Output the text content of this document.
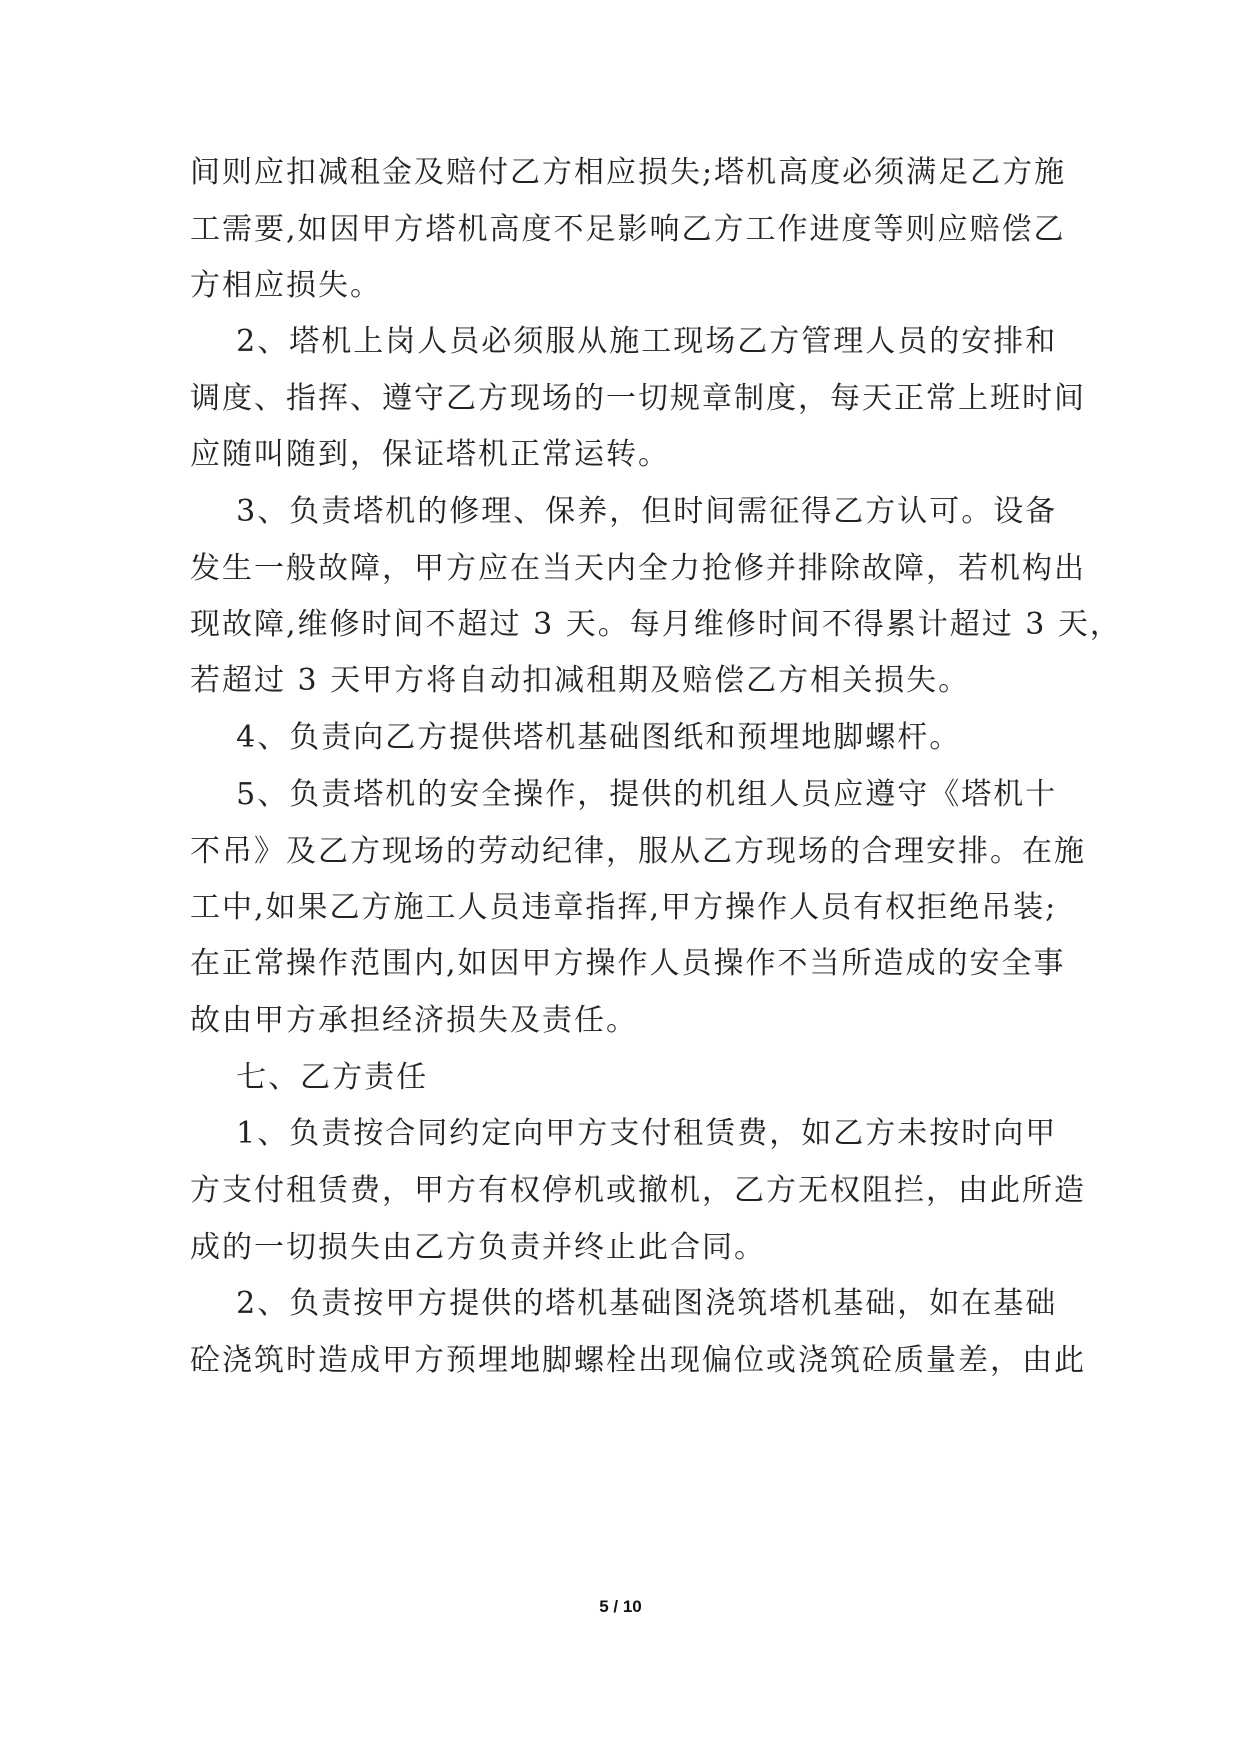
间则应扣减租金及赔付乙方相应损失;塔机高度必须满足乙方施
工需要,如因甲方塔机高度不足影响乙方工作进度等则应赔偿乙
方相应损失。
2、塔机上岗人员必须服从施工现场乙方管理人员的安排和
调度、指挥、遵守乙方现场的一切规章制度，每天正常上班时间
应随叫随到，保证塔机正常运转。
3、负责塔机的修理、保养，但时间需征得乙方认可。设备
发生一般故障，甲方应在当天内全力抢修并排除故障，若机构出
现故障,维修时间不超过 3 天。每月维修时间不得累计超过 3 天，
若超过 3 天甲方将自动扣减租期及赔偿乙方相关损失。
4、负责向乙方提供塔机基础图纸和预埋地脚螺杆。
5、负责塔机的安全操作，提供的机组人员应遵守《塔机十
不吊》及乙方现场的劳动纪律，服从乙方现场的合理安排。在施
工中,如果乙方施工人员违章指挥,甲方操作人员有权拒绝吊装;
在正常操作范围内,如因甲方操作人员操作不当所造成的安全事
故由甲方承担经济损失及责任。
七、乙方责任
1、负责按合同约定向甲方支付租赁费，如乙方未按时向甲
方支付租赁费，甲方有权停机或撤机，乙方无权阻拦，由此所造
成的一切损失由乙方负责并终止此合同。
2、负责按甲方提供的塔机基础图浇筑塔机基础，如在基础
砼浇筑时造成甲方预埋地脚螺栓出现偏位或浇筑砼质量差，由此
5 / 10
